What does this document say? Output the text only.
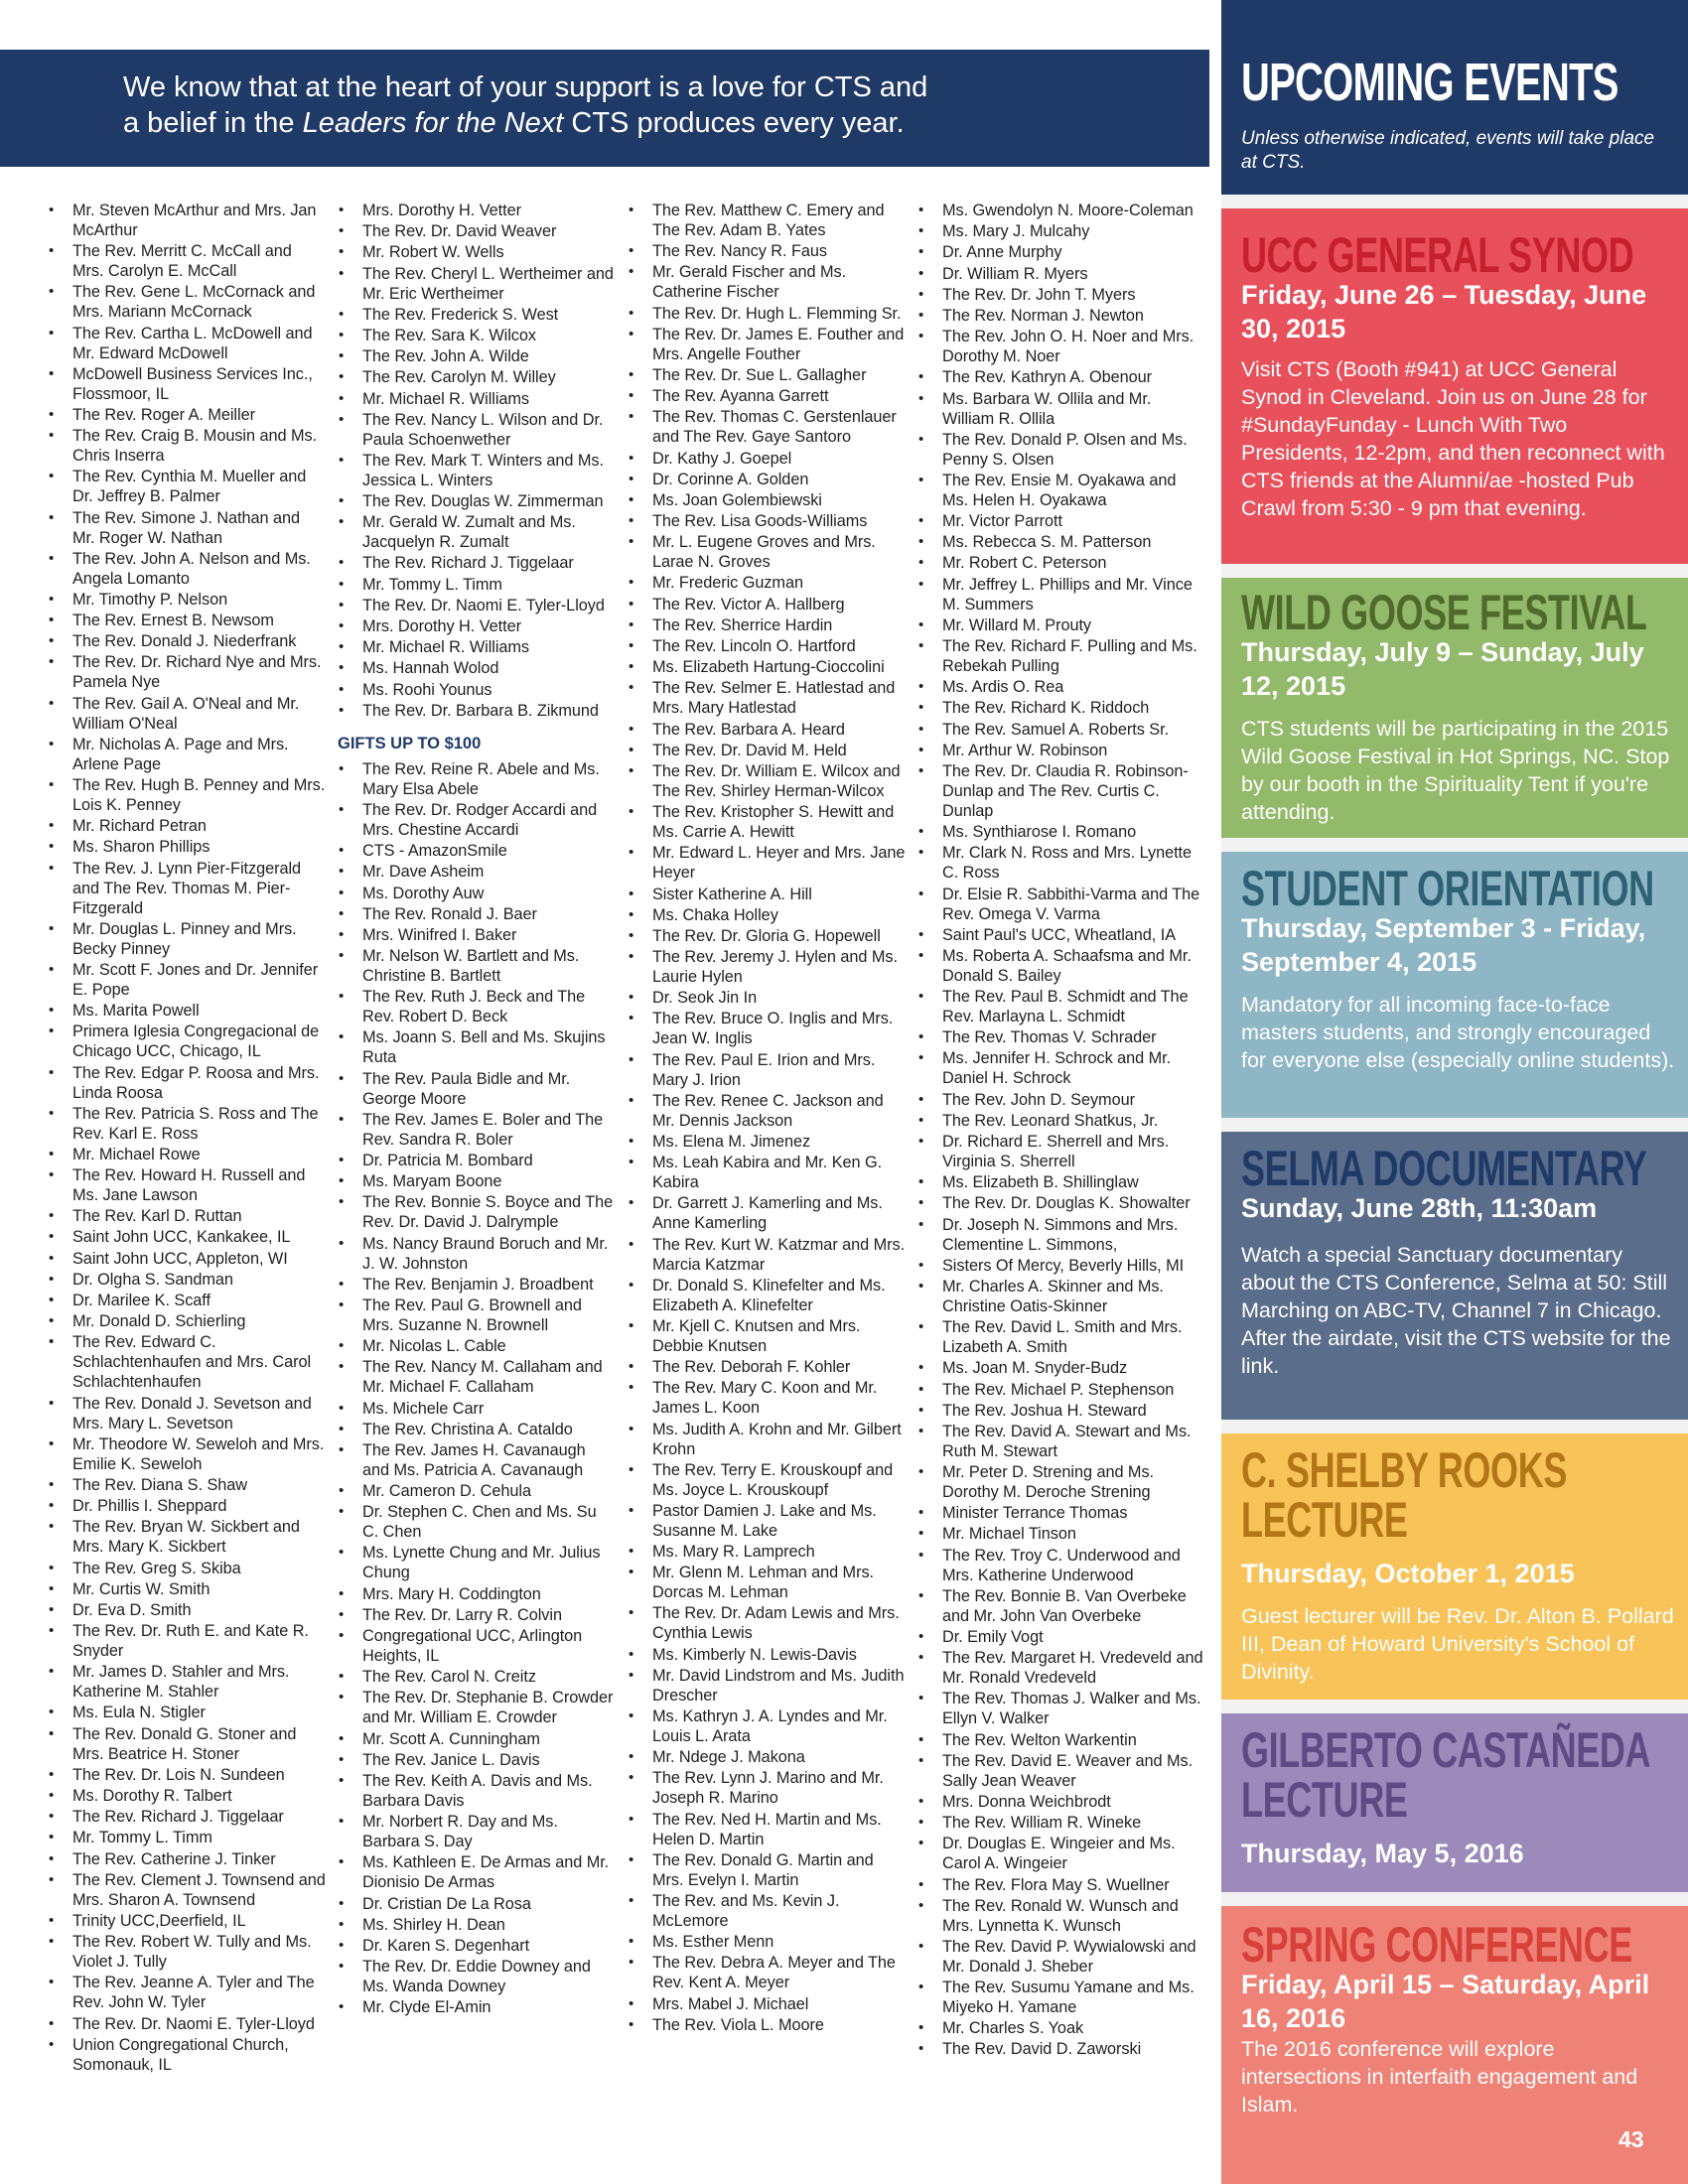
We know that at the heart of your support is a love for CTS and
a belief in the Leaders for the Next CTS produces every year.
• Mr. Steven McArthur and Mrs. Jan McArthur
• The Rev. Merritt C. McCall and Mrs. Carolyn E. McCall
• The Rev. Gene L. McCornack and Mrs. Mariann McCornack
• The Rev. Cartha L. McDowell and Mr. Edward McDowell
• McDowell Business Services Inc., Flossmoor, IL
• The Rev. Roger A. Meiller
• The Rev. Craig B. Mousin and Ms. Chris Inserra
• The Rev. Cynthia M. Mueller and Dr. Jeffrey B. Palmer
• The Rev. Simone J. Nathan and Mr. Roger W. Nathan
• The Rev. John A. Nelson and Ms. Angela Lomanto
• Mr. Timothy P. Nelson
• The Rev. Ernest B. Newsom
• The Rev. Donald J. Niederfrank
• The Rev. Dr. Richard Nye and Mrs. Pamela Nye
• The Rev. Gail A. O'Neal and Mr. William O'Neal
• Mr. Nicholas A. Page and Mrs. Arlene Page
• The Rev. Hugh B. Penney and Mrs. Lois K. Penney
• Mr. Richard Petran
• Ms. Sharon Phillips
• The Rev. J. Lynn Pier-Fitzgerald and The Rev. Thomas M. Pier-Fitzgerald
• Mr. Douglas L. Pinney and Mrs. Becky Pinney
• Mr. Scott F. Jones and Dr. Jennifer E. Pope
• Ms. Marita Powell
• Primera Iglesia Congregacional de Chicago UCC, Chicago, IL
• The Rev. Edgar P. Roosa and Mrs. Linda Roosa
• The Rev. Patricia S. Ross and The Rev. Karl E. Ross
• Mr. Michael Rowe
• The Rev. Howard H. Russell and Ms. Jane Lawson
• The Rev. Karl D. Ruttan
• Saint John UCC, Kankakee, IL
• Saint John UCC, Appleton, WI
• Dr. Olgha S. Sandman
• Dr. Marilee K. Scaff
• Mr. Donald D. Schierling
• The Rev. Edward C. Schlachtenhaufen and Mrs. Carol Schlachtenhaufen
• The Rev. Donald J. Sevetson and Mrs. Mary L. Sevetson
• Mr. Theodore W. Seweloh and Mrs. Emilie K. Seweloh
• The Rev. Diana S. Shaw
• Dr. Phillis I. Sheppard
• The Rev. Bryan W. Sickbert and Mrs. Mary K. Sickbert
• The Rev. Greg S. Skiba
• Mr. Curtis W. Smith
• Dr. Eva D. Smith
• The Rev. Dr. Ruth E. and Kate R. Snyder
• Mr. James D. Stahler and Mrs. Katherine M. Stahler
• Ms. Eula N. Stigler
• The Rev. Donald G. Stoner and Mrs. Beatrice H. Stoner
• The Rev. Dr. Lois N. Sundeen
• Ms. Dorothy R. Talbert
• The Rev. Richard J. Tiggelaar
• Mr. Tommy L. Timm
• The Rev. Catherine J. Tinker
• The Rev. Clement J. Townsend and Mrs. Sharon A. Townsend
• Trinity UCC,Deerfield, IL
• The Rev. Robert W. Tully and Ms. Violet J. Tully
• The Rev. Jeanne A. Tyler and The Rev. John W. Tyler
• The Rev. Dr. Naomi E. Tyler-Lloyd
• Union Congregational Church, Somonauk, IL
• Mrs. Dorothy H. Vetter
• The Rev. Dr. David Weaver
• Mr. Robert W. Wells
• The Rev. Cheryl L. Wertheimer and Mr. Eric Wertheimer
• The Rev. Frederick S. West
• The Rev. Sara K. Wilcox
• The Rev. John A. Wilde
• The Rev. Carolyn M. Willey
• Mr. Michael R. Williams
• The Rev. Nancy L. Wilson and Dr. Paula Schoenwether
• The Rev. Mark T. Winters and Ms. Jessica L. Winters
• The Rev. Douglas W. Zimmerman
• Mr. Gerald W. Zumalt and Ms. Jacquelyn R. Zumalt
• The Rev. Richard J. Tiggelaar
• Mr. Tommy L. Timm
• The Rev. Dr. Naomi E. Tyler-Lloyd
• Mrs. Dorothy H. Vetter
• Mr. Michael R. Williams
• Ms. Hannah Wolod
• Ms. Roohi Younus
• The Rev. Dr. Barbara B. Zikmund
GIFTS UP TO $100
• The Rev. Reine R. Abele and Ms. Mary Elsa Abele
• The Rev. Dr. Rodger Accardi and Mrs. Chestine Accardi
• CTS - AmazonSmile
• Mr. Dave Asheim
• Ms. Dorothy Auw
• The Rev. Ronald J. Baer
• Mrs. Winifred I. Baker
• Mr. Nelson W. Bartlett and Ms. Christine B. Bartlett
• The Rev. Ruth J. Beck and The Rev. Robert D. Beck
• Ms. Joann S. Bell and Ms. Skujins Ruta
• The Rev. Paula Bidle and Mr. George Moore
• The Rev. James E. Boler and The Rev. Sandra R. Boler
• Dr. Patricia M. Bombard
• Ms. Maryam Boone
• The Rev. Bonnie S. Boyce and The Rev. Dr. David J. Dalrymple
• Ms. Nancy Braund Boruch and Mr. J. W. Johnston
• The Rev. Benjamin J. Broadbent
• The Rev. Paul G. Brownell and Mrs. Suzanne N. Brownell
• Mr. Nicolas L. Cable
• The Rev. Nancy M. Callaham and Mr. Michael F. Callaham
• Ms. Michele Carr
• The Rev. Christina A. Cataldo
• The Rev. James H. Cavanaugh and Ms. Patricia A. Cavanaugh
• Mr. Cameron D. Cehula
• Dr. Stephen C. Chen and Ms. Su C. Chen
• Ms. Lynette Chung and Mr. Julius Chung
• Mrs. Mary H. Coddington
• The Rev. Dr. Larry R. Colvin
• Congregational UCC, Arlington Heights, IL
• The Rev. Carol N. Creitz
• The Rev. Dr. Stephanie B. Crowder and Mr. William E. Crowder
• Mr. Scott A. Cunningham
• The Rev. Janice L. Davis
• The Rev. Keith A. Davis and Ms. Barbara Davis
• Mr. Norbert R. Day and Ms. Barbara S. Day
• Ms. Kathleen E. De Armas and Mr. Dionisio De Armas
• Dr. Cristian De La Rosa
• Ms. Shirley H. Dean
• Dr. Karen S. Degenhart
• The Rev. Dr. Eddie Downey and Ms. Wanda Downey
• Mr. Clyde El-Amin
• The Rev. Matthew C. Emery and The Rev. Adam B. Yates
• The Rev. Nancy R. Faus
• Mr. Gerald Fischer and Ms. Catherine Fischer
• The Rev. Dr. Hugh L. Flemming Sr.
• The Rev. Dr. James E. Fouther and Mrs. Angelle Fouther
• The Rev. Dr. Sue L. Gallagher
• The Rev. Ayanna Garrett
• The Rev. Thomas C. Gerstenlauer and The Rev. Gaye Santoro
• Dr. Kathy J. Goepel
• Dr. Corinne A. Golden
• Ms. Joan Golembiewski
• The Rev. Lisa Goods-Williams
• Mr. L. Eugene Groves and Mrs. Larae N. Groves
• Mr. Frederic Guzman
• The Rev. Victor A. Hallberg
• The Rev. Sherrice Hardin
• The Rev. Lincoln O. Hartford
• Ms. Elizabeth Hartung-Cioccolini
• The Rev. Selmer E. Hatlestad and Mrs. Mary Hatlestad
• The Rev. Barbara A. Heard
• The Rev. Dr. David M. Held
• The Rev. Dr. William E. Wilcox and The Rev. Shirley Herman-Wilcox
• The Rev. Kristopher S. Hewitt and Ms. Carrie A. Hewitt
• Mr. Edward L. Heyer and Mrs. Jane Heyer
• Sister Katherine A. Hill
• Ms. Chaka Holley
• The Rev. Dr. Gloria G. Hopewell
• The Rev. Jeremy J. Hylen and Ms. Laurie Hylen
• Dr. Seok Jin In
• The Rev. Bruce O. Inglis and Mrs. Jean W. Inglis
• The Rev. Paul E. Irion and Mrs. Mary J. Irion
• The Rev. Renee C. Jackson and Mr. Dennis Jackson
• Ms. Elena M. Jimenez
• Ms. Leah Kabira and Mr. Ken G. Kabira
• Dr. Garrett J. Kamerling and Ms. Anne Kamerling
• The Rev. Kurt W. Katzmar and Mrs. Marcia Katzmar
• Dr. Donald S. Klinefelter and Ms. Elizabeth A. Klinefelter
• Mr. Kjell C. Knutsen and Mrs. Debbie Knutsen
• The Rev. Deborah F. Kohler
• The Rev. Mary C. Koon and Mr. James L. Koon
• Ms. Judith A. Krohn and Mr. Gilbert Krohn
• The Rev. Terry E. Krouskoupf and Ms. Joyce L. Krouskoupf
• Pastor Damien J. Lake and Ms. Susanne M. Lake
• Ms. Mary R. Lamprech
• Mr. Glenn M. Lehman and Mrs. Dorcas M. Lehman
• The Rev. Dr. Adam Lewis and Mrs. Cynthia Lewis
• Ms. Kimberly N. Lewis-Davis
• Mr. David Lindstrom and Ms. Judith Drescher
• Ms. Kathryn J. A. Lyndes and Mr. Louis L. Arata
• Mr. Ndege J. Makona
• The Rev. Lynn J. Marino and Mr. Joseph R. Marino
• The Rev. Ned H. Martin and Ms. Helen D. Martin
• The Rev. Donald G. Martin and Mrs. Evelyn I. Martin
• The Rev. and Ms. Kevin J. McLemore
• Ms. Esther Menn
• The Rev. Debra A. Meyer and The Rev. Kent A. Meyer
• Mrs. Mabel J. Michael
• The Rev. Viola L. Moore
• Ms. Gwendolyn N. Moore-Coleman
• Ms. Mary J. Mulcahy
• Dr. Anne Murphy
• Dr. William R. Myers
• The Rev. Dr. John T. Myers
• The Rev. Norman J. Newton
• The Rev. John O. H. Noer and Mrs. Dorothy M. Noer
• The Rev. Kathryn A. Obenour
• Ms. Barbara W. Ollila and Mr. William R. Ollila
• The Rev. Donald P. Olsen and Ms. Penny S. Olsen
• The Rev. Ensie M. Oyakawa and Ms. Helen H. Oyakawa
• Mr. Victor Parrott
• Ms. Rebecca S. M. Patterson
• Mr. Robert C. Peterson
• Mr. Jeffrey L. Phillips and Mr. Vince M. Summers
• Mr. Willard M. Prouty
• The Rev. Richard F. Pulling and Ms. Rebekah Pulling
• Ms. Ardis O. Rea
• The Rev. Richard K. Riddoch
• The Rev. Samuel A. Roberts Sr.
• Mr. Arthur W. Robinson
• The Rev. Dr. Claudia R. Robinson-Dunlap and The Rev. Curtis C. Dunlap
• Ms. Synthiarose I. Romano
• Mr. Clark N. Ross and Mrs. Lynette C. Ross
• Dr. Elsie R. Sabbithi-Varma and The Rev. Omega V. Varma
• Saint Paul's UCC, Wheatland, IA
• Ms. Roberta A. Schaafsma and Mr. Donald S. Bailey
• The Rev. Paul B. Schmidt and The Rev. Marlayna L. Schmidt
• The Rev. Thomas V. Schrader
• Ms. Jennifer H. Schrock and Mr. Daniel H. Schrock
• The Rev. John D. Seymour
• The Rev. Leonard Shatkus, Jr.
• Dr. Richard E. Sherrell and Mrs. Virginia S. Sherrell
• Ms. Elizabeth B. Shillinglaw
• The Rev. Dr. Douglas K. Showalter
• Dr. Joseph N. Simmons and Mrs. Clementine L. Simmons,
• Sisters Of Mercy, Beverly Hills, MI
• Mr. Charles A. Skinner and Ms. Christine Oatis-Skinner
• The Rev. David L. Smith and Mrs. Lizabeth A. Smith
• Ms. Joan M. Snyder-Budz
• The Rev. Michael P. Stephenson
• The Rev. Joshua H. Steward
• The Rev. David A. Stewart and Ms. Ruth M. Stewart
• Mr. Peter D. Strening and Ms. Dorothy M. Deroche Strening
• Minister Terrance Thomas
• Mr. Michael Tinson
• The Rev. Troy C. Underwood and Mrs. Katherine Underwood
• The Rev. Bonnie B. Van Overbeke and Mr. John Van Overbeke
• Dr. Emily Vogt
• The Rev. Margaret H. Vredeveld and Mr. Ronald Vredeveld
• The Rev. Thomas J. Walker and Ms. Ellyn V. Walker
• The Rev. Welton Warkentin
• The Rev. David E. Weaver and Ms. Sally Jean Weaver
• Mrs. Donna Weichbrodt
• The Rev. William R. Wineke
• Dr. Douglas E. Wingeier and Ms. Carol A. Wingeier
• The Rev. Flora May S. Wuellner
• The Rev. Ronald W. Wunsch and Mrs. Lynnetta K. Wunsch
• The Rev. David P. Wywialowski and Mr. Donald J. Sheber
• The Rev. Susumu Yamane and Ms. Miyeko H. Yamane
• Mr. Charles S. Yoak
• The Rev. David D. Zaworski
UPCOMING EVENTS
Unless otherwise indicated, events will take place at CTS.
UCC GENERAL SYNOD
Friday, June 26 – Tuesday, June 30, 2015
Visit CTS (Booth #941) at UCC General Synod in Cleveland. Join us on June 28 for #SundayFunday - Lunch With Two Presidents, 12-2pm, and then reconnect with CTS friends at the Alumni/ae -hosted Pub Crawl from 5:30 - 9 pm that evening.
WILD GOOSE FESTIVAL
Thursday, July 9 – Sunday, July 12, 2015
CTS students will be participating in the 2015 Wild Goose Festival in Hot Springs, NC. Stop by our booth in the Spirituality Tent if you're attending.
STUDENT ORIENTATION
Thursday, September 3 - Friday, September 4, 2015
Mandatory for all incoming face-to-face masters students, and strongly encouraged for everyone else (especially online students).
SELMA DOCUMENTARY
Sunday, June 28th, 11:30am
Watch a special Sanctuary documentary about the CTS Conference, Selma at 50: Still Marching on ABC-TV, Channel 7 in Chicago. After the airdate, visit the CTS website for the link.
C. SHELBY ROOKS LECTURE
Thursday, October 1, 2015
Guest lecturer will be Rev. Dr. Alton B. Pollard III, Dean of Howard University's School of Divinity.
GILBERTO CASTAÑEDA LECTURE
Thursday, May 5, 2016
SPRING CONFERENCE
Friday, April 15 – Saturday, April 16, 2016
The 2016 conference will explore intersections in interfaith engagement and Islam.
43
